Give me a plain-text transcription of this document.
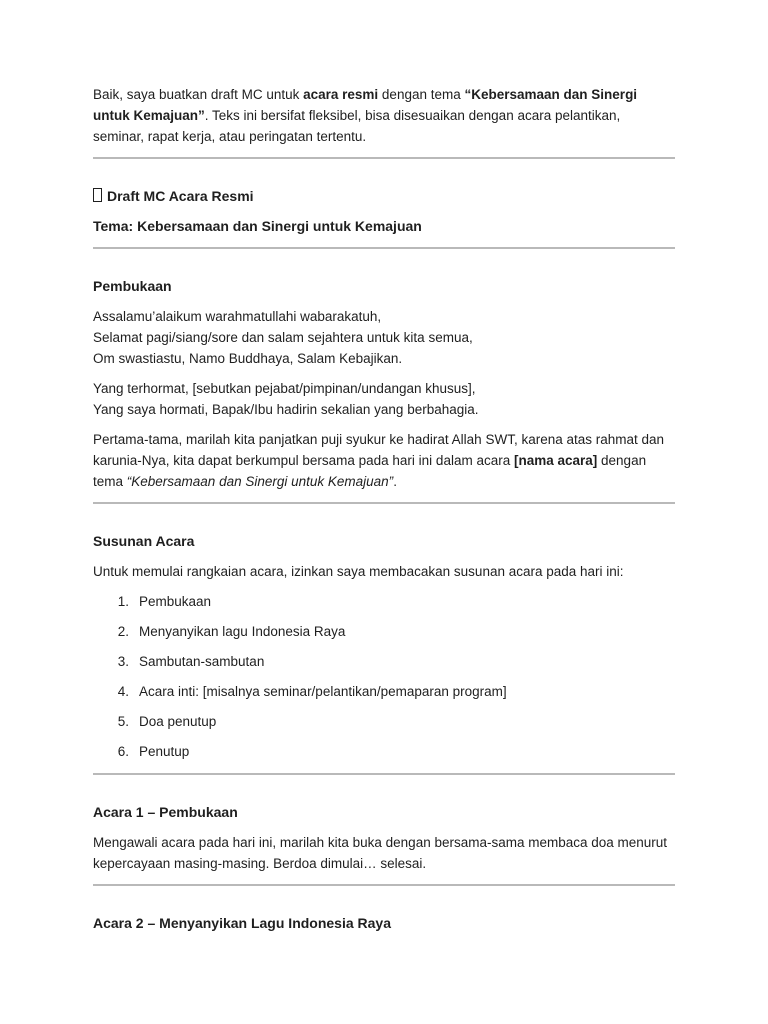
Baik, saya buatkan draft MC untuk acara resmi dengan tema “Kebersamaan dan Sinergi untuk Kemajuan”. Teks ini bersifat fleksibel, bisa disesuaikan dengan acara pelantikan, seminar, rapat kerja, atau peringatan tertentu.

Draft MC Acara Resmi

Tema: Kebersamaan dan Sinergi untuk Kemajuan

Pembukaan

Assalamu’alaikum warahmatullahi wabarakatuh,
Selamat pagi/siang/sore dan salam sejahtera untuk kita semua,
Om swastiastu, Namo Buddhaya, Salam Kebajikan.

Yang terhormat, [sebutkan pejabat/pimpinan/undangan khusus],
Yang saya hormati, Bapak/Ibu hadirin sekalian yang berbahagia.

Pertama-tama, marilah kita panjatkan puji syukur ke hadirat Allah SWT, karena atas rahmat dan karunia-Nya, kita dapat berkumpul bersama pada hari ini dalam acara [nama acara] dengan tema “Kebersamaan dan Sinergi untuk Kemajuan”.

Susunan Acara

Untuk memulai rangkaian acara, izinkan saya membacakan susunan acara pada hari ini:

1. Pembukaan
2. Menyanyikan lagu Indonesia Raya
3. Sambutan-sambutan
4. Acara inti: [misalnya seminar/pelantikan/pemaparan program]
5. Doa penutup
6. Penutup

Acara 1 – Pembukaan

Mengawali acara pada hari ini, marilah kita buka dengan bersama-sama membaca doa menurut kepercayaan masing-masing. Berdoa dimulai… selesai.

Acara 2 – Menyanyikan Lagu Indonesia Raya
